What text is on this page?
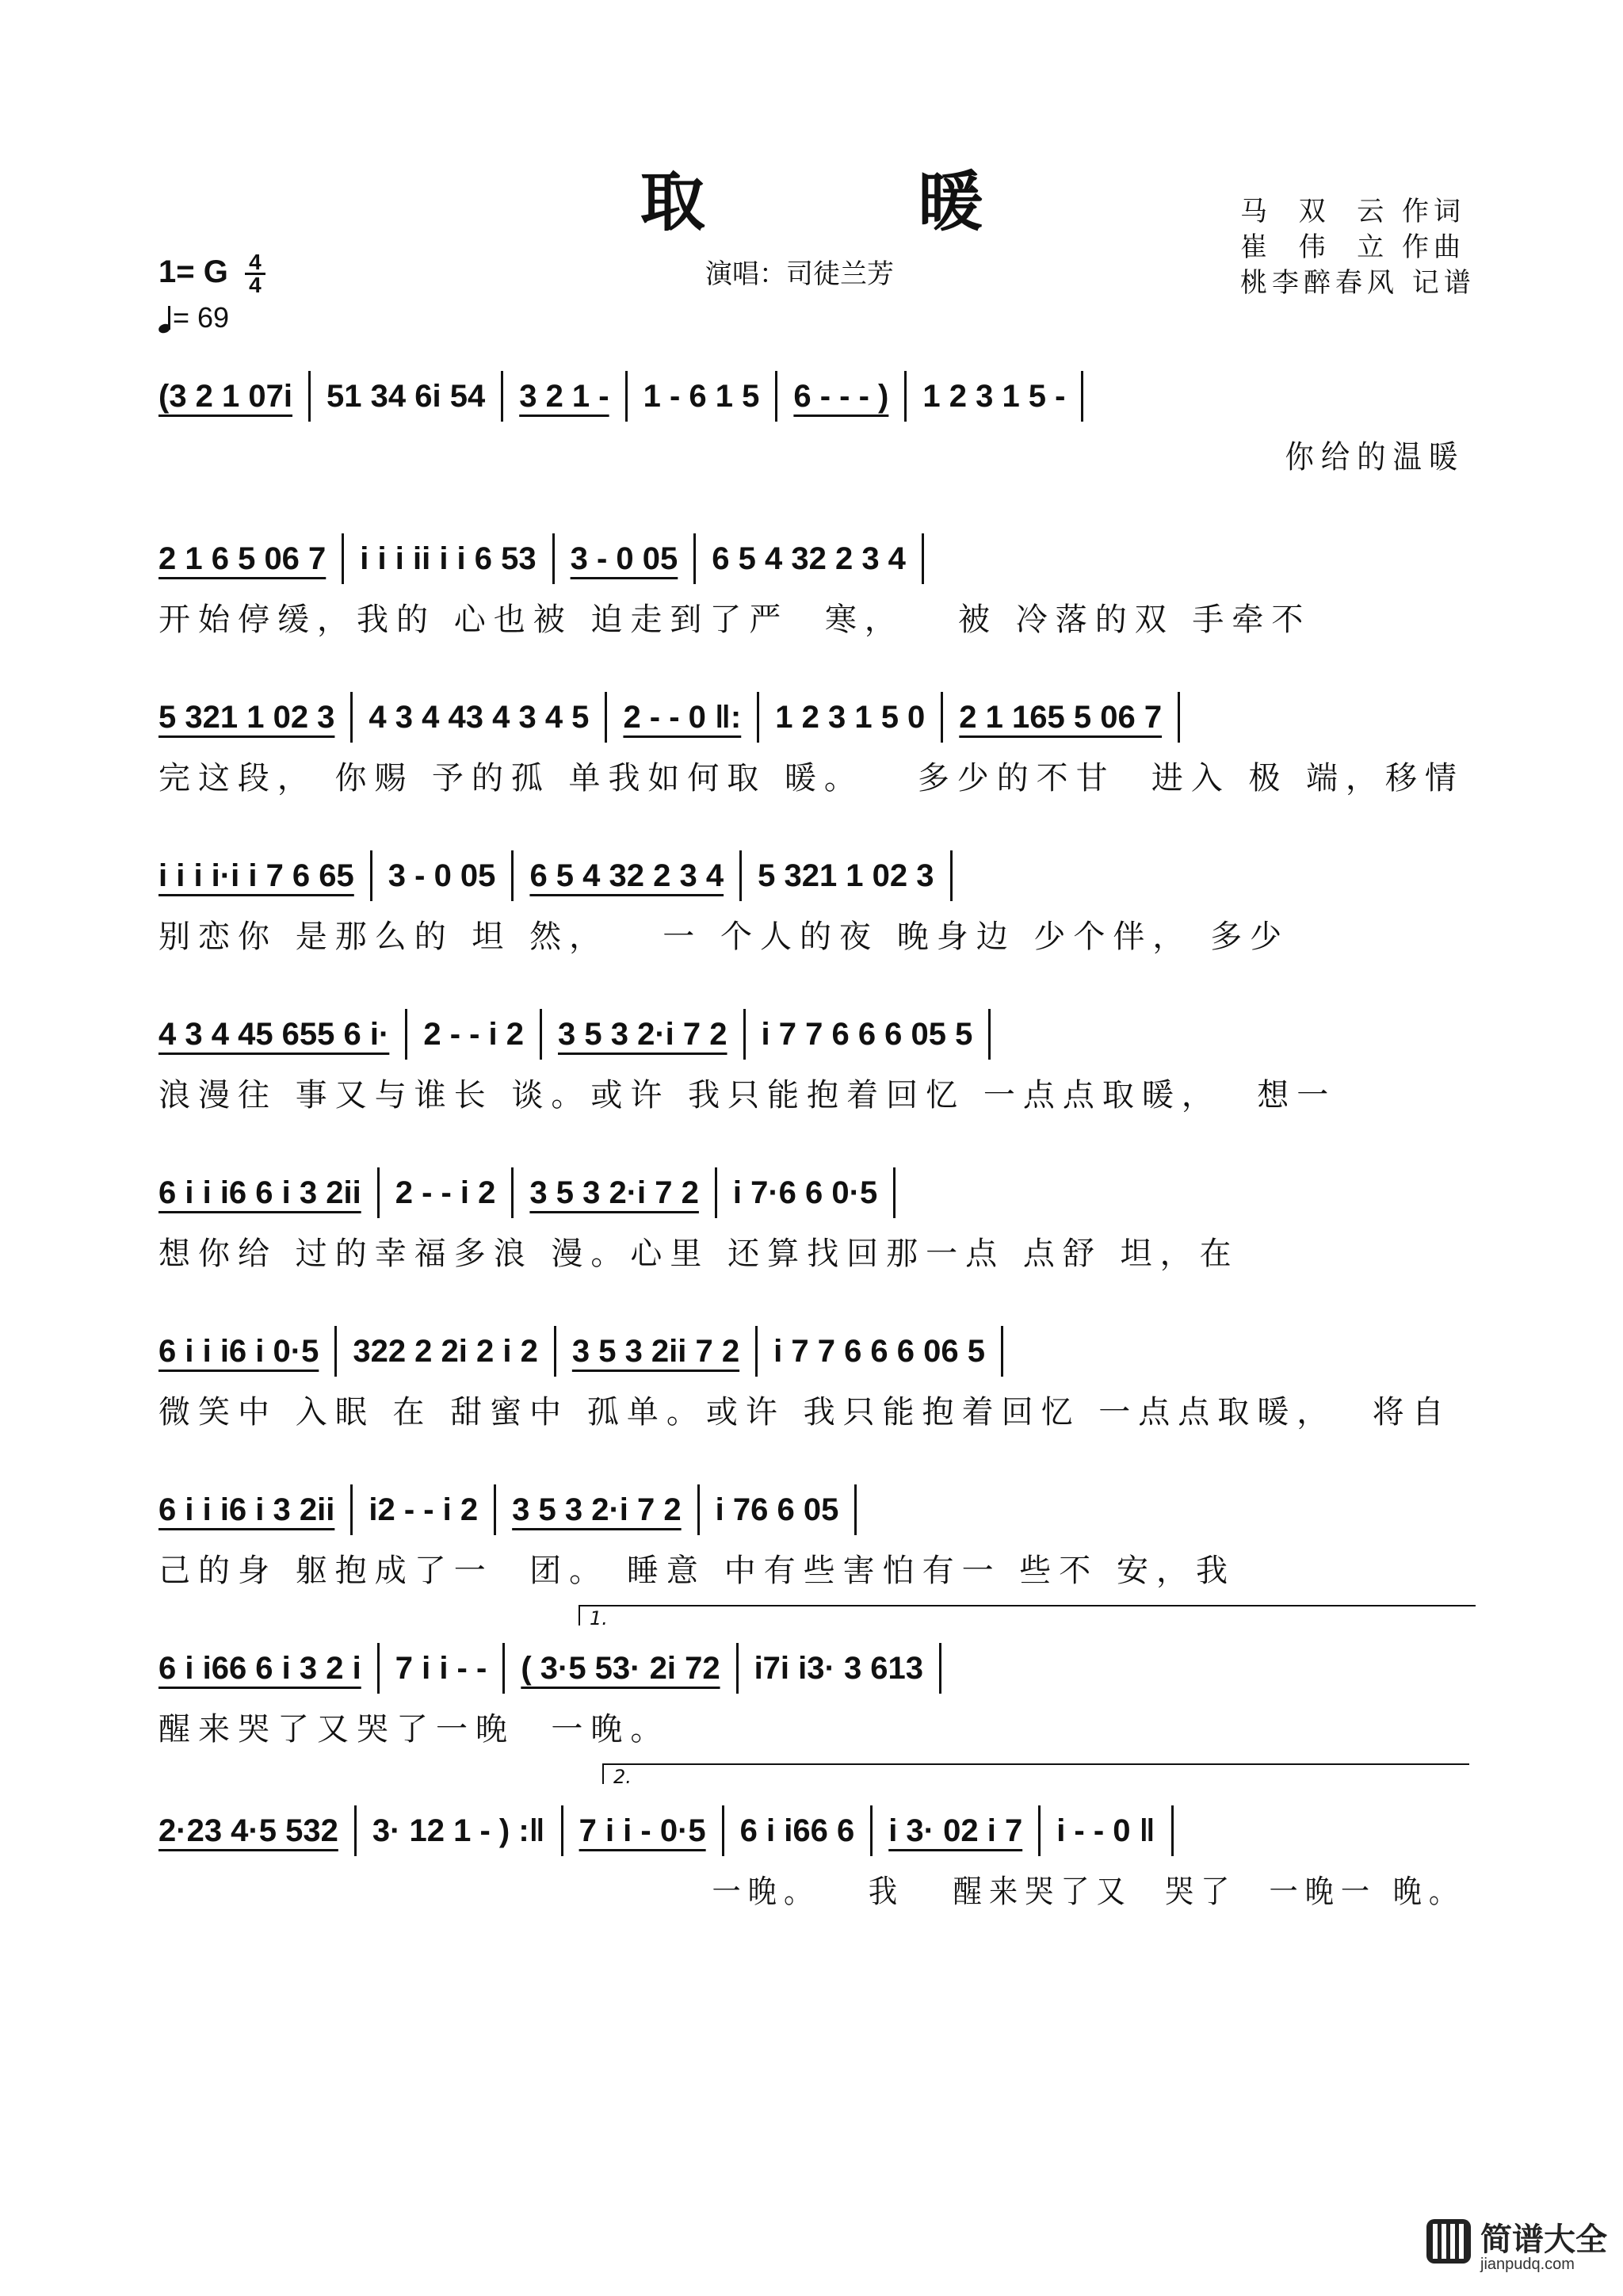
取 暖
演唱：司徒兰芳
马  双  云 作词
崔  伟  立 作曲
桃李醉春风 记谱
1= G $\frac{4}{4}$
= 69
(3 2 1 07i 51 34 6i 54 3 2 1 - 1 - 6 1 5 6 - - - ) 1 2 3 1 5 -
你给的温暖
2 1 6 5 06 7 i i i ii i i 6 53 3 - 0 05 6 5 4 32 2 3 4
开始停缓，我的 心也被 迫走到了严  寒，   被 冷落的双 手牵不
5 321 1 02 3 4 3 4 43 4 3 4 5 2 - - 0 ‖: 1 2 3 1 5 0 2 1 165 5 06 7
完这段， 你赐 予的孤 单我如何取 暖。   多少的不甘  进入 极 端，移情
i i i i·i i 7 6 65 3 - 0 05 6 5 4 32 2 3 4 5 321 1 02 3
别恋你 是那么的 坦 然，   一 个人的夜 晚身边 少个伴， 多少
4 3 4 45 655 6 i· 2 - - i 2 3 5 3 2·i 7 2 i 7 7 6 6 6 05 5
浪漫往 事又与谁长 谈。或许 我只能抱着回忆 一点点取暖，  想一
6 i i i6 6 i 3 2ii 2 - - i 2 3 5 3 2·i 7 2 i 7·6 6 0·5
想你给 过的幸福多浪 漫。心里 还算找回那一点 点舒 坦，在
6 i i i6 i 0·5 322 2 2i 2 i 2 3 5 3 2ii 7 2 i 7 7 6 6 6 06 5
微笑中 入眠 在 甜蜜中 孤单。或许 我只能抱着回忆 一点点取暖，  将自
6 i i i6 i 3 2ii i2 - - i 2 3 5 3 2·i 7 2 i 76 6 05
己的身 躯抱成了一  团。 睡意 中有些害怕有一 些不 安，我
6 i i66 6 i 3 2 i 7 i i - - ( 3·5 53· 2i 72 i7i i3· 3 613
醒来哭了又哭了一晚  一晚。
2·23 4·5 532 3· 12 1 - ) :‖ 7 i i - 0·5 6 i i66 6 i 3· 02 i 7 i - - 0 ‖
一晚。   我   醒来哭了又  哭了  一晚一 晚。
1.
2.
简谱大全
jianpudq.com
